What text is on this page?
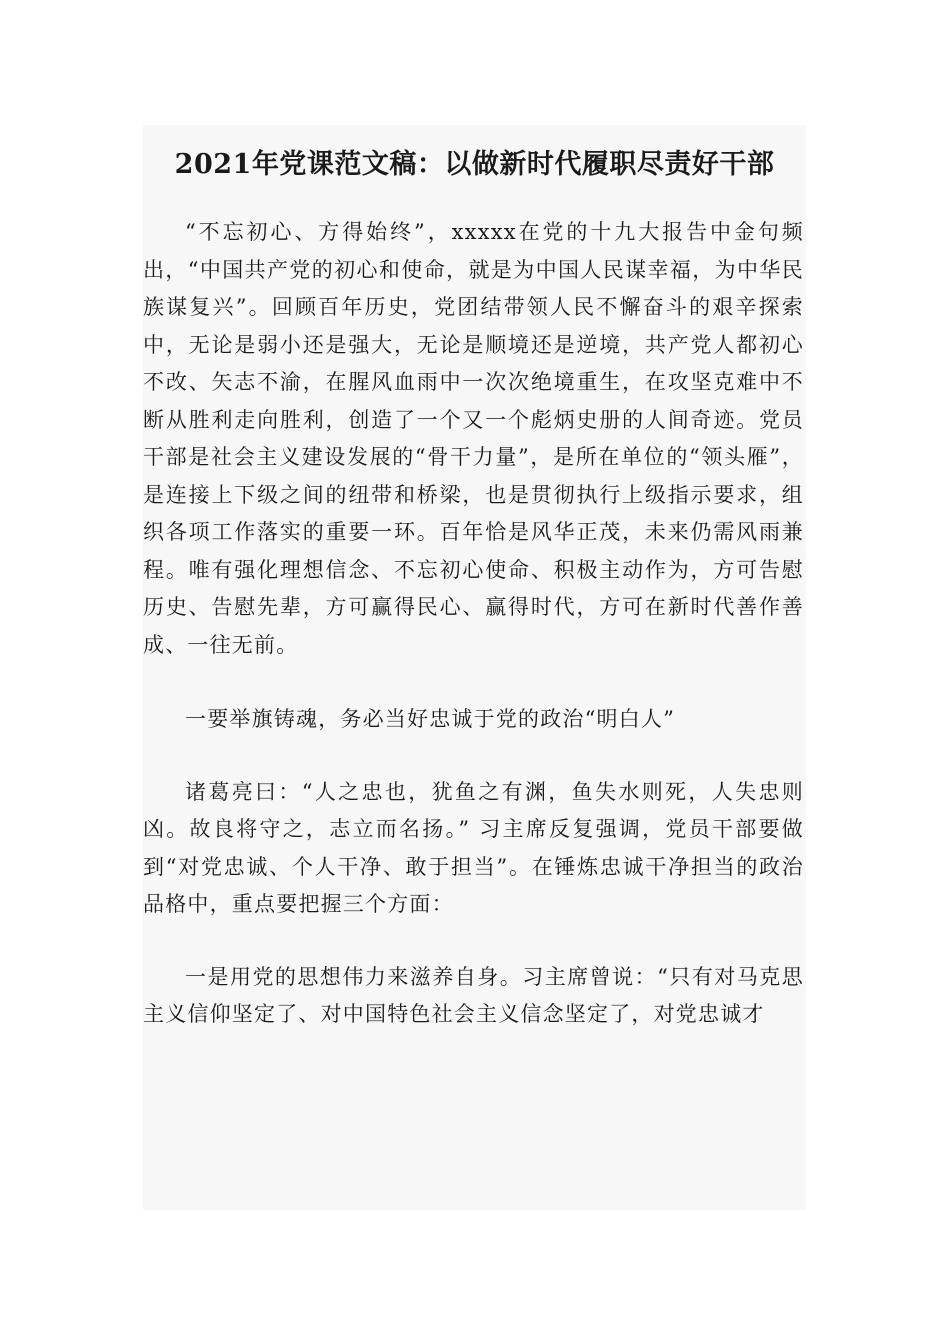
2021年党课范文稿：以做新时代履职尽责好干部

“不忘初心、方得始终”，xxxxx在党的十九大报告中金句频出，“中国共产党的初心和使命，就是为中国人民谋幸福，为中华民族谋复兴”。回顾百年历史，党团结带领人民不懈奋斗的艰辛探索中，无论是弱小还是强大，无论是顺境还是逆境，共产党人都初心不改、矢志不渝，在腥风血雨中一次次绝境重生，在攻坚克难中不断从胜利走向胜利，创造了一个又一个彪炳史册的人间奇迹。党员干部是社会主义建设发展的“骨干力量”，是所在单位的“领头雁”，是连接上下级之间的纽带和桥梁，也是贯彻执行上级指示要求，组织各项工作落实的重要一环。百年恰是风华正茂，未来仍需风雨兼程。唯有强化理想信念、不忘初心使命、积极主动作为，方可告慰历史、告慰先辈，方可赢得民心、赢得时代，方可在新时代善作善成、一往无前。

一要举旗铸魂，务必当好忠诚于党的政治“明白人”

诸葛亮曰：“人之忠也，犹鱼之有渊，鱼失水则死，人失忠则凶。故良将守之，志立而名扬。” 习主席反复强调，党员干部要做到“对党忠诚、个人干净、敢于担当”。在锤炼忠诚干净担当的政治品格中，重点要把握三个方面：

一是用党的思想伟力来滋养自身。习主席曾说：“只有对马克思主义信仰坚定了、对中国特色社会主义信念坚定了，对党忠诚才
